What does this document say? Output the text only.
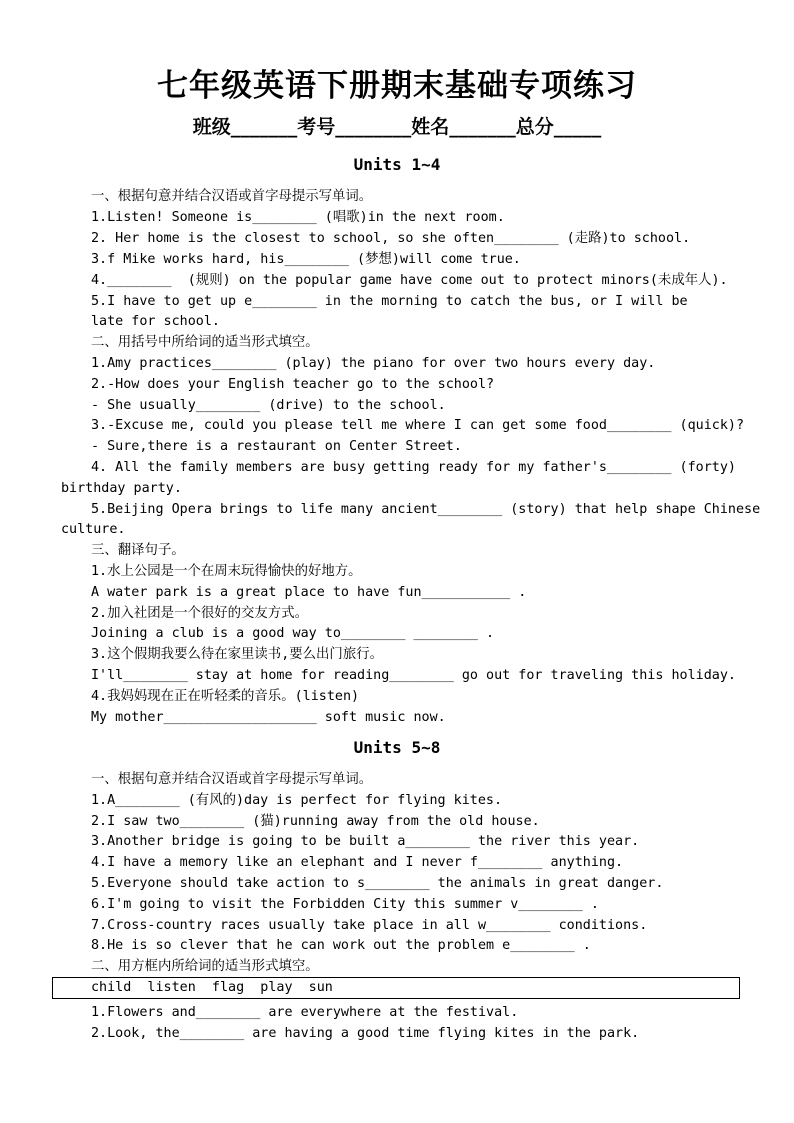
七年级英语下册期末基础专项练习
班级_______考号________姓名_______总分_____
Units 1~4
一、根据句意并结合汉语或首字母提示写单词。
1.Listen! Someone is________ (唱歌)in the next room.
2. Her home is the closest to school, so she often________ (走路)to school.
3.f Mike works hard, his________ (梦想)will come true.
4.________  (规则) on the popular game have come out to protect minors(未成年人).
5.I have to get up e________ in the morning to catch the bus, or I will be
late for school.
二、用括号中所给词的适当形式填空。
1.Amy practices________ (play) the piano for over two hours every day.
2.-How does your English teacher go to the school?
- She usually________ (drive) to the school.
3.-Excuse me, could you please tell me where I can get some food________ (quick)?
- Sure,there is a restaurant on Center Street.
4. All the family members are busy getting ready for my father's________ (forty)
birthday party.
5.Beijing Opera brings to life many ancient________ (story) that help shape Chinese
culture.
三、翻译句子。
1.水上公园是一个在周末玩得愉快的好地方。
A water park is a great place to have fun___________ .
2.加入社团是一个很好的交友方式。
Joining a club is a good way to________ ________ .
3.这个假期我要么待在家里读书,要么出门旅行。
I'll________ stay at home for reading________ go out for traveling this holiday.
4.我妈妈现在正在听轻柔的音乐。(listen)
My mother___________________ soft music now.
Units 5~8
一、根据句意并结合汉语或首字母提示写单词。
1.A________ (有风的)day is perfect for flying kites.
2.I saw two________ (猫)running away from the old house.
3.Another bridge is going to be built a________ the river this year.
4.I have a memory like an elephant and I never f________ anything.
5.Everyone should take action to s________ the animals in great danger.
6.I'm going to visit the Forbidden City this summer v________ .
7.Cross-country races usually take place in all w________ conditions.
8.He is so clever that he can work out the problem e________ .
二、用方框内所给词的适当形式填空。
child  listen  flag  play  sun
1.Flowers and________ are everywhere at the festival.
2.Look, the________ are having a good time flying kites in the park.
